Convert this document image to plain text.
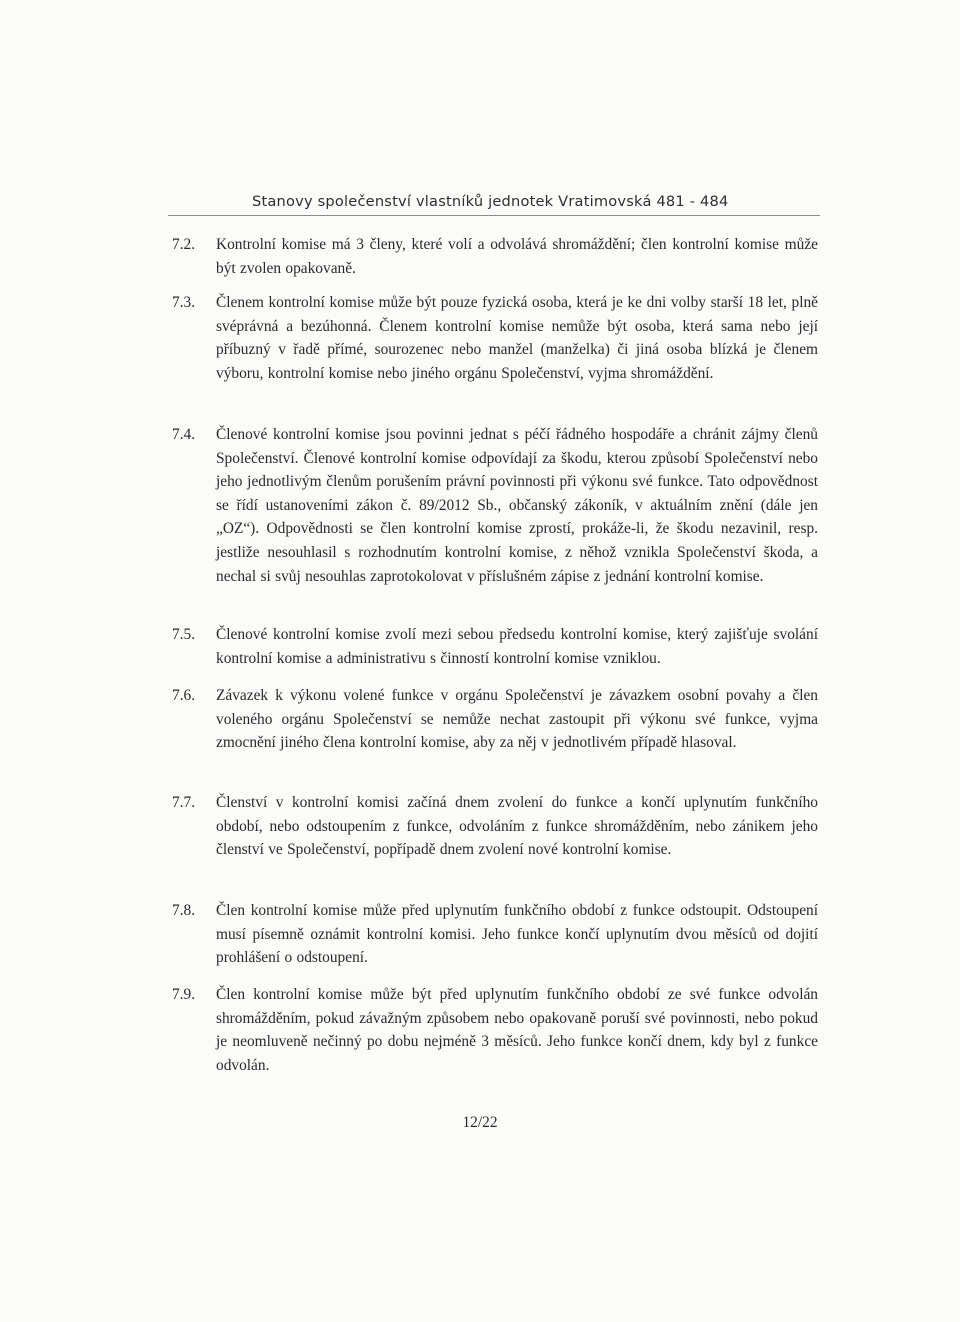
Stanovy společenství vlastníků jednotek Vratimovská 481 - 484
7.2.	Kontrolní komise má 3 členy, které volí a odvolává shromáždění; člen kontrolní komise může být zvolen opakovaně.
7.3.	Členem kontrolní komise může být pouze fyzická osoba, která je ke dni volby starší 18 let, plně svéprávná a bezúhonná. Členem kontrolní komise nemůže být osoba, která sama nebo její příbuzný v řadě přímé, sourozenec nebo manžel (manželka) či jiná osoba blízká je členem výboru, kontrolní komise nebo jiného orgánu Společenství, vyjma shromáždění.
7.4.	Členové kontrolní komise jsou povinni jednat s péčí řádného hospodáře a chránit zájmy členů Společenství. Členové kontrolní komise odpovídají za škodu, kterou způsobí Společenství nebo jeho jednotlivým členům porušením právní povinnosti při výkonu své funkce. Tato odpovědnost se řídí ustanoveními zákon č. 89/2012 Sb., občanský zákoník, v aktuálním znění (dále jen „OZ“). Odpovědnosti se člen kontrolní komise zprostí, prokáže-li, že škodu nezavinil, resp. jestliže nesouhlasil s rozhodnutím kontrolní komise, z něhož vznikla Společenství škoda, a nechal si svůj nesouhlas zaprotokolovat v příslušném zápise z jednání kontrolní komise.
7.5.	Členové kontrolní komise zvolí mezi sebou předsedu kontrolní komise, který zajišťuje svolání kontrolní komise a administrativu s činností kontrolní komise vzniklou.
7.6.	Závazek k výkonu volené funkce v orgánu Společenství je závazkem osobní povahy a člen voleného orgánu Společenství se nemůže nechat zastoupit při výkonu své funkce, vyjma zmocnění jiného člena kontrolní komise, aby za něj v jednotlivém případě hlasoval.
7.7.	Členství v kontrolní komisi začíná dnem zvolení do funkce a končí uplynutím funkčního období, nebo odstoupením z funkce, odvoláním z funkce shromážděním, nebo zánikem jeho členství ve Společenství, popřípadě dnem zvolení nové kontrolní komise.
7.8.	Člen kontrolní komise může před uplynutím funkčního období z funkce odstoupit. Odstoupení musí písemně oznámit kontrolní komisi. Jeho funkce končí uplynutím dvou měsíců od dojití prohlášení o odstoupení.
7.9.	Člen kontrolní komise může být před uplynutím funkčního období ze své funkce odvolán shromážděním, pokud závažným způsobem nebo opakovaně poruší své povinnosti, nebo pokud je neomluveně nečinný po dobu nejméně 3 měsíců. Jeho funkce končí dnem, kdy byl z funkce odvolán.
12/22
